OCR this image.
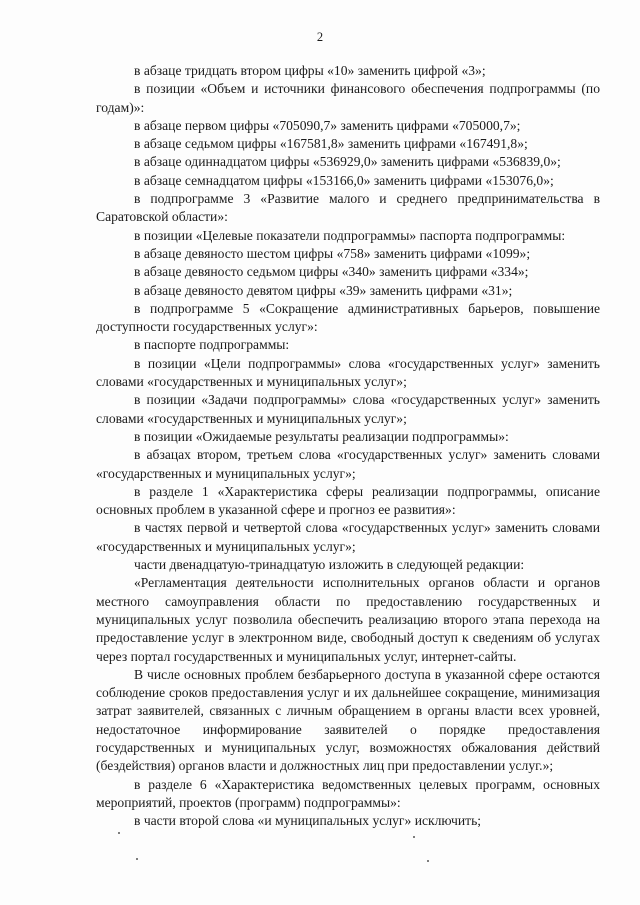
2

в абзаце тридцать втором цифры «10» заменить цифрой «3»;

в позиции «Объем и источники финансового обеспечения подпрограммы (по годам)»:

в абзаце первом цифры «705090,7» заменить цифрами «705000,7»;

в абзаце седьмом цифры «167581,8» заменить цифрами «167491,8»;

в абзаце одиннадцатом цифры «536929,0» заменить цифрами «536839,0»;

в абзаце семнадцатом цифры «153166,0» заменить цифрами «153076,0»;

в подпрограмме 3 «Развитие малого и среднего предпринимательства в Саратовской области»:

в позиции «Целевые показатели подпрограммы» паспорта подпрограммы:

в абзаце девяносто шестом цифры «758» заменить цифрами «1099»;

в абзаце девяносто седьмом цифры «340» заменить цифрами «334»;

в абзаце девяносто девятом цифры «39» заменить цифрами «31»;

в подпрограмме 5 «Сокращение административных барьеров, повышение доступности государственных услуг»:

в паспорте подпрограммы:

в позиции «Цели подпрограммы» слова «государственных услуг» заменить словами «государственных и муниципальных услуг»;

в позиции «Задачи подпрограммы» слова «государственных услуг» заменить словами «государственных и муниципальных услуг»;

в позиции «Ожидаемые результаты реализации подпрограммы»:

в абзацах втором, третьем слова «государственных услуг» заменить словами «государственных и муниципальных услуг»;

в разделе 1 «Характеристика сферы реализации подпрограммы, описание основных проблем в указанной сфере и прогноз ее развития»:

в частях первой и четвертой слова «государственных услуг» заменить словами «государственных и муниципальных услуг»;

части двенадцатую-тринадцатую изложить в следующей редакции:

«Регламентация деятельности исполнительных органов области и органов местного самоуправления области по предоставлению государственных и муниципальных услуг позволила обеспечить реализацию второго этапа перехода на предоставление услуг в электронном виде, свободный доступ к сведениям об услугах через портал государственных и муниципальных услуг, интернет-сайты.

В числе основных проблем безбарьерного доступа в указанной сфере остаются соблюдение сроков предоставления услуг и их дальнейшее сокращение, минимизация затрат заявителей, связанных с личным обращением в органы власти всех уровней, недостаточное информирование заявителей о порядке предоставления государственных и муниципальных услуг, возможностях обжалования действий (бездействия) органов власти и должностных лиц при предоставлении услуг.»;

в разделе 6 «Характеристика ведомственных целевых программ, основных мероприятий, проектов (программ) подпрограммы»:

в части второй слова «и муниципальных услуг» исключить;
